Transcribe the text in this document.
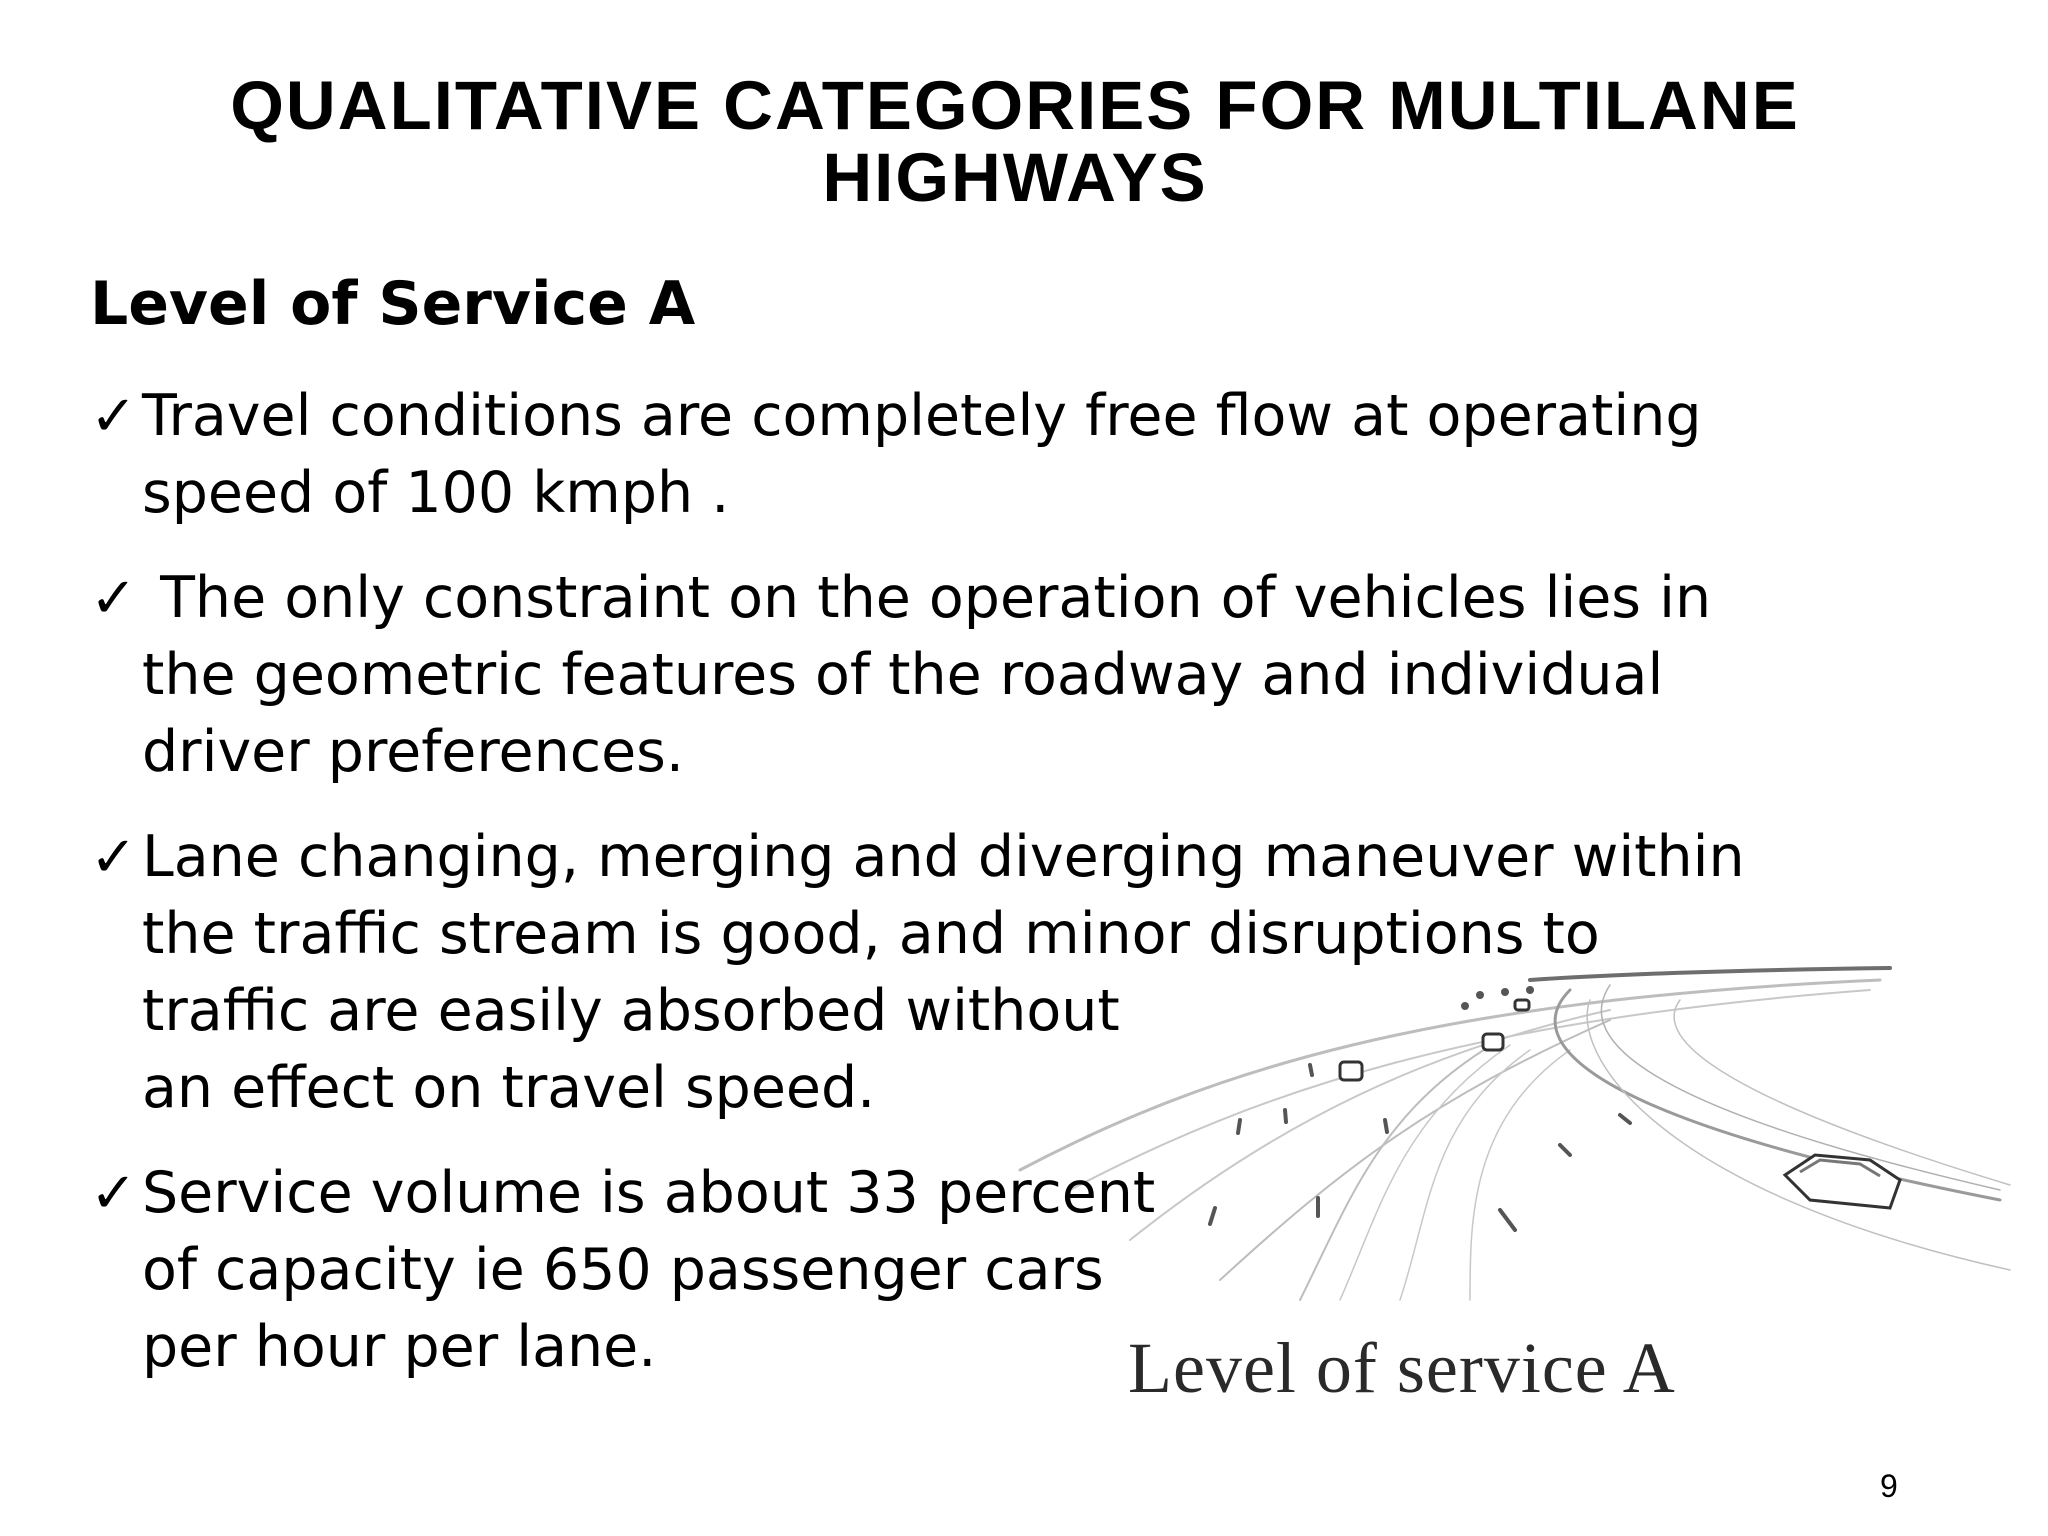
QUALITATIVE CATEGORIES FOR MULTILANE
HIGHWAYS
Level of Service A
✓ Travel conditions are completely free flow at operating
speed of 100 kmph .
✓ The only constraint on the operation of vehicles lies in
the geometric features of the roadway and individual
driver preferences.
✓ Lane changing, merging and diverging maneuver within
the traffic stream is good, and minor disruptions to
traffic are easily absorbed without
an effect on travel speed.
✓ Service volume is about 33 percent
of capacity ie 650 passenger cars
per hour per lane.	Level of service A
9
